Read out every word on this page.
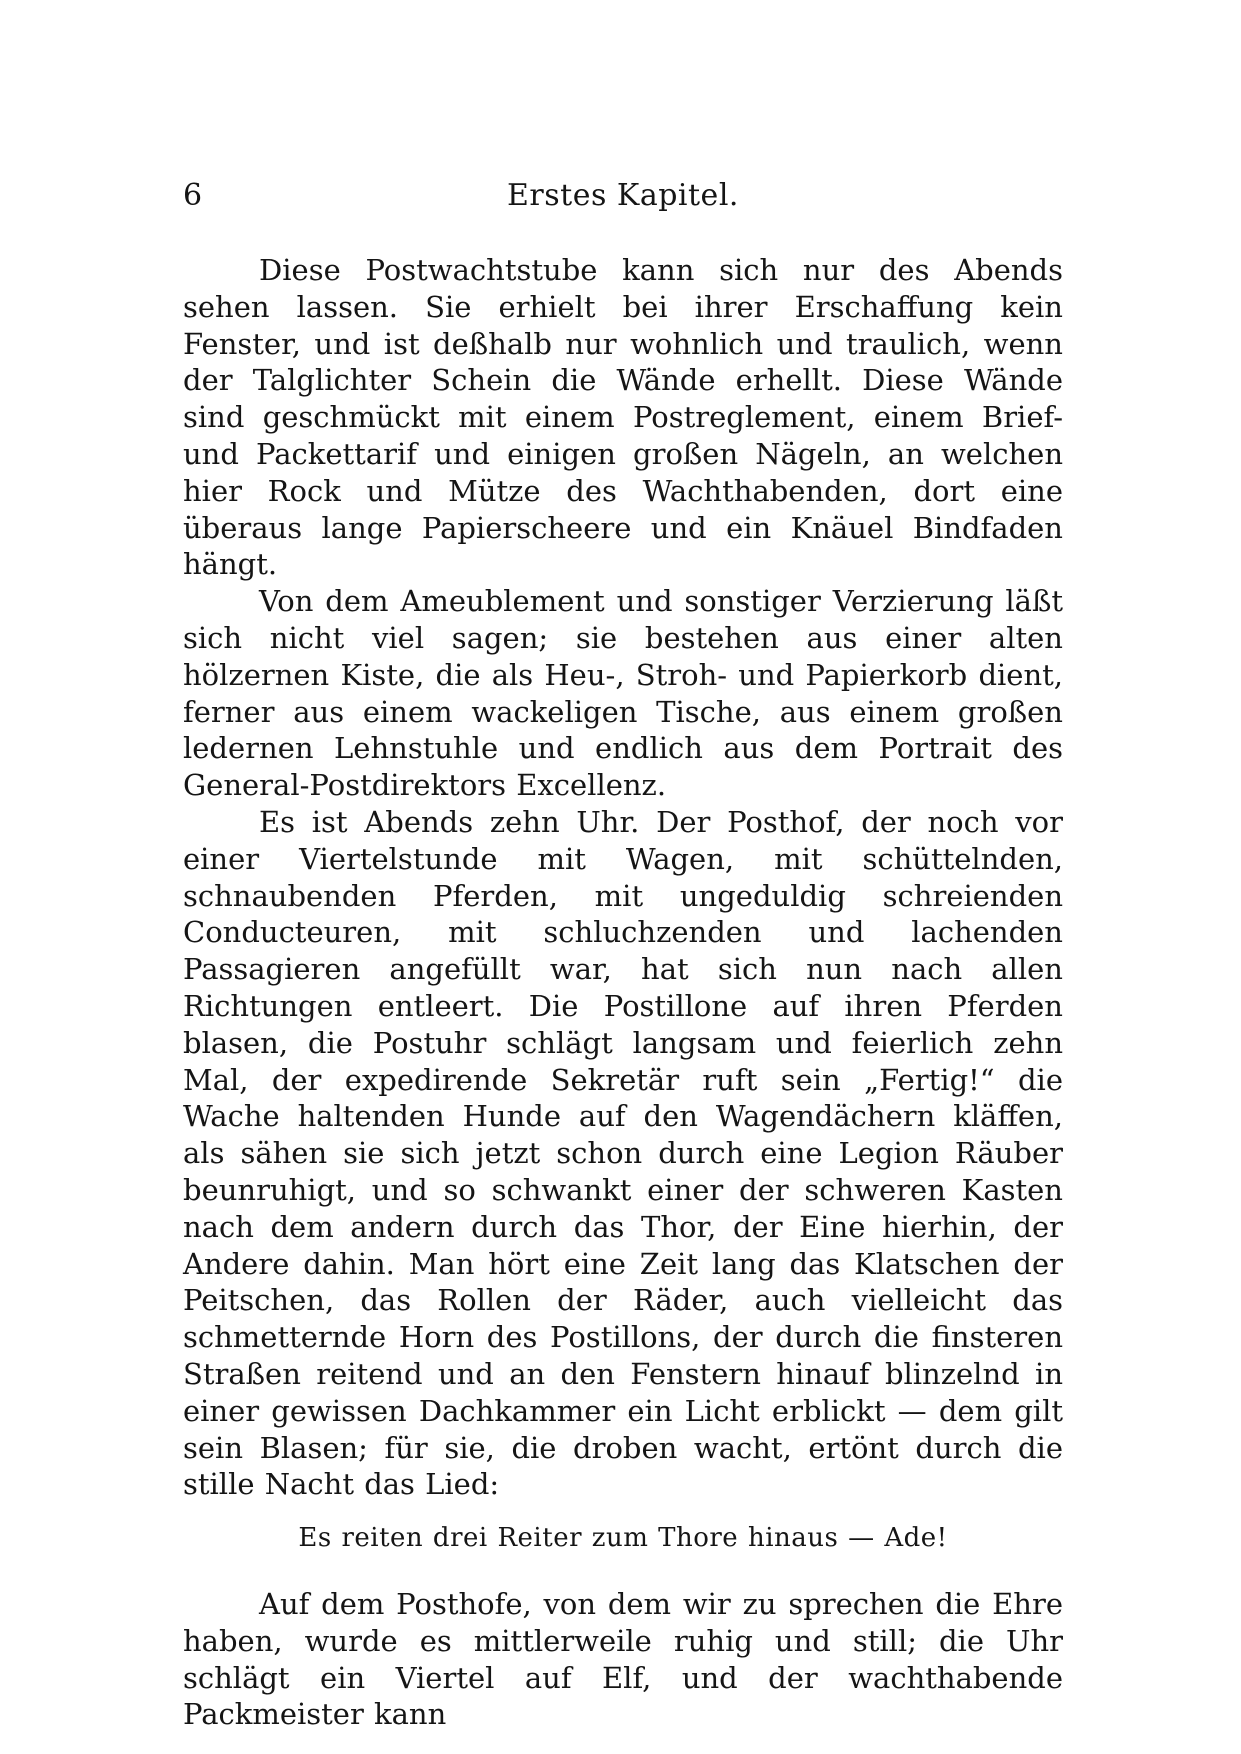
6	Erstes Kapitel.

Diese Postwachtstube kann sich nur des Abends sehen lassen. Sie erhielt bei ihrer Erschaffung kein Fenster, und ist deßhalb nur wohnlich und traulich, wenn der Talglichter Schein die Wände erhellt. Diese Wände sind geschmückt mit einem Postreglement, einem Brief- und Packettarif und einigen großen Nägeln, an welchen hier Rock und Mütze des Wachthabenden, dort eine überaus lange Papierscheere und ein Knäuel Bindfaden hängt.

Von dem Ameublement und sonstiger Verzierung läßt sich nicht viel sagen; sie bestehen aus einer alten hölzernen Kiste, die als Heu-, Stroh- und Papierkorb dient, ferner aus einem wackeligen Tische, aus einem großen ledernen Lehnstuhle und endlich aus dem Portrait des General-Postdirektors Excellenz.

Es ist Abends zehn Uhr. Der Posthof, der noch vor einer Viertelstunde mit Wagen, mit schüttelnden, schnaubenden Pferden, mit ungeduldig schreienden Conducteuren, mit schluchzenden und lachenden Passagieren angefüllt war, hat sich nun nach allen Richtungen entleert. Die Postillone auf ihren Pferden blasen, die Postuhr schlägt langsam und feierlich zehn Mal, der expedirende Sekretär ruft sein „Fertig!“ die Wache haltenden Hunde auf den Wagendächern kläffen, als sähen sie sich jetzt schon durch eine Legion Räuber beunruhigt, und so schwankt einer der schweren Kasten nach dem andern durch das Thor, der Eine hierhin, der Andere dahin. Man hört eine Zeit lang das Klatschen der Peitschen, das Rollen der Räder, auch vielleicht das schmetternde Horn des Postillons, der durch die finsteren Straßen reitend und an den Fenstern hinauf blinzelnd in einer gewissen Dachkammer ein Licht erblickt — dem gilt sein Blasen; für sie, die droben wacht, ertönt durch die stille Nacht das Lied:

Es reiten drei Reiter zum Thore hinaus — Ade!

Auf dem Posthofe, von dem wir zu sprechen die Ehre haben, wurde es mittlerweile ruhig und still; die Uhr schlägt ein Viertel auf Elf, und der wachthabende Packmeister kann
